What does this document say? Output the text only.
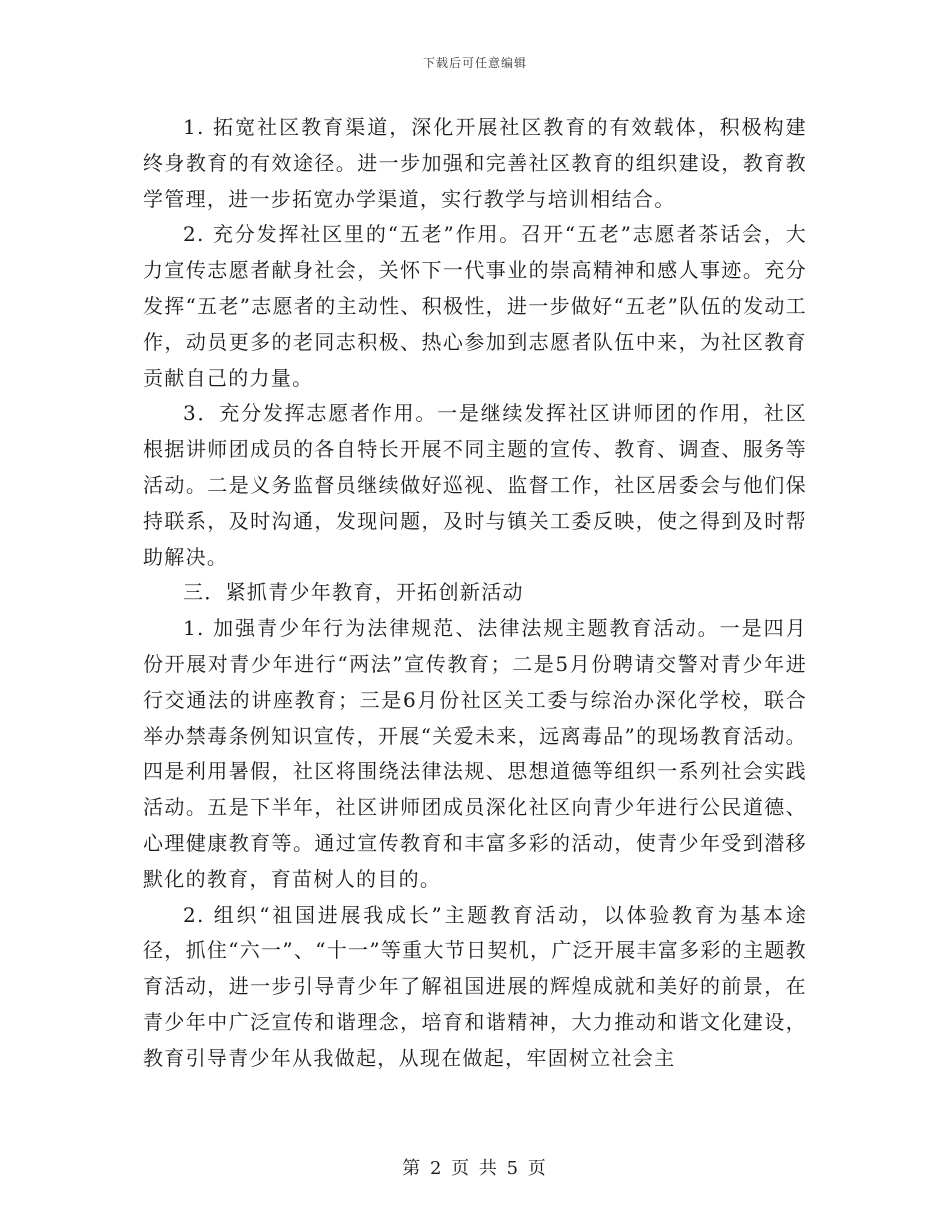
下载后可任意编辑

1. 拓宽社区教育渠道，深化开展社区教育的有效载体，积极构建终身教育的有效途径。进一步加强和完善社区教育的组织建设，教育教学管理，进一步拓宽办学渠道，实行教学与培训相结合。

2. 充分发挥社区里的“五老”作用。召开“五老”志愿者茶话会，大力宣传志愿者献身社会，关怀下一代事业的崇高精神和感人事迹。充分发挥“五老”志愿者的主动性、积极性，进一步做好“五老”队伍的发动工作，动员更多的老同志积极、热心参加到志愿者队伍中来，为社区教育贡献自己的力量。

3．充分发挥志愿者作用。一是继续发挥社区讲师团的作用，社区根据讲师团成员的各自特长开展不同主题的宣传、教育、调查、服务等活动。二是义务监督员继续做好巡视、监督工作，社区居委会与他们保持联系，及时沟通，发现问题，及时与镇关工委反映，使之得到及时帮助解决。

三．紧抓青少年教育，开拓创新活动

1. 加强青少年行为法律规范、法律法规主题教育活动。一是四月份开展对青少年进行“两法”宣传教育；二是5月份聘请交警对青少年进行交通法的讲座教育；三是6月份社区关工委与综治办深化学校，联合举办禁毒条例知识宣传，开展“关爱未来，远离毒品”的现场教育活动。四是利用暑假，社区将围绕法律法规、思想道德等组织一系列社会实践活动。五是下半年，社区讲师团成员深化社区向青少年进行公民道德、心理健康教育等。通过宣传教育和丰富多彩的活动，使青少年受到潜移默化的教育，育苗树人的目的。

2. 组织“祖国进展我成长”主题教育活动，以体验教育为基本途径，抓住“六一”、“十一”等重大节日契机，广泛开展丰富多彩的主题教育活动，进一步引导青少年了解祖国进展的辉煌成就和美好的前景，在青少年中广泛宣传和谐理念，培育和谐精神，大力推动和谐文化建设，教育引导青少年从我做起，从现在做起，牢固树立社会主

第 2 页 共 5 页
